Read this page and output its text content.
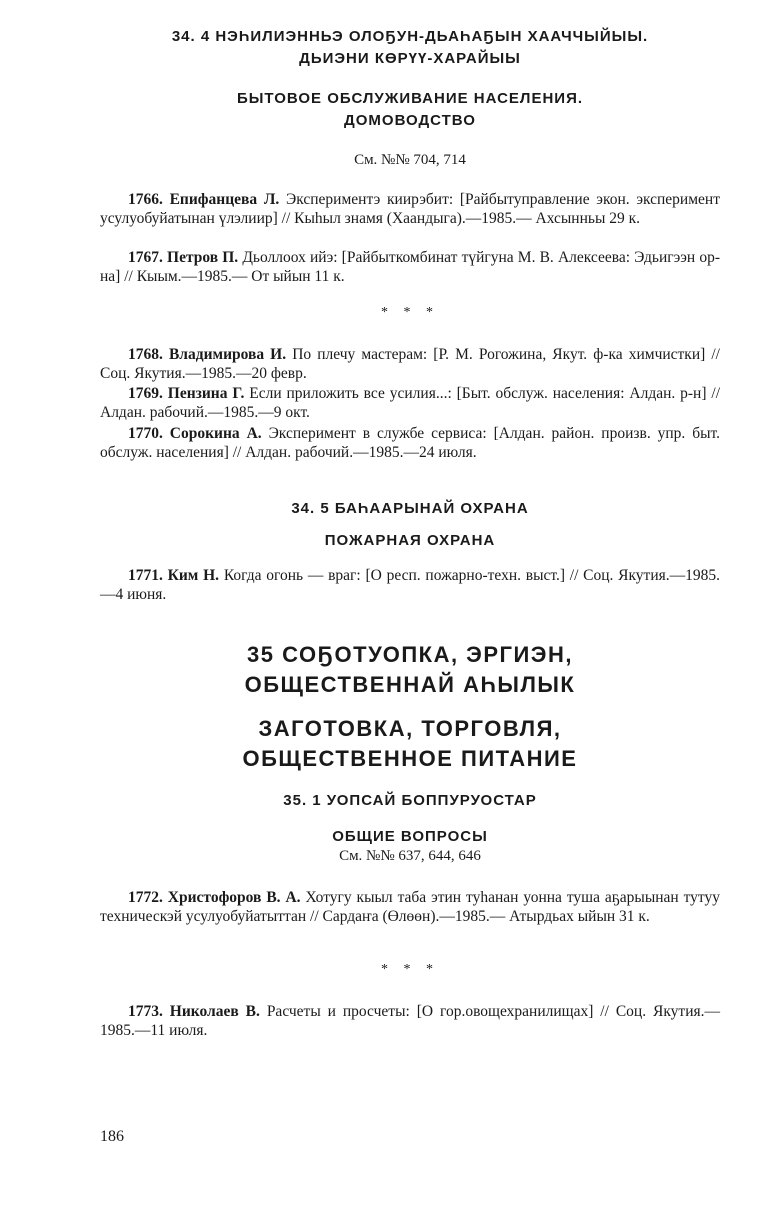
34. 4 НЭҺИЛИЭННЬЭ ОЛОҔУН-ДЬАҺАҔЫН ХААЧЧЫЙЫЫ.
ДЬИЭНИ КӨРҮҮ-ХАРАЙЫЫ
БЫТОВОЕ ОБСЛУЖИВАНИЕ НАСЕЛЕНИЯ.
ДОМОВОДСТВО
См. №№ 704, 714

1766. Епифанцева Л. Экспериментэ киирэбит: [Райбытуправление экон. эксперимент усулуобуйатынан үлэлиир] // Кыһыл знамя (Хаандыга).—1985.— Ахсынньы 29 к.

1767. Петров П. Дьоллоох ийэ: [Райбыткомбинат түйгуна М. В. Алексеева: Эдьигээн ор-на] // Кыым.—1985.— От ыйын 11 к.

* * *

1768. Владимирова И. По плечу мастерам: [Р. М. Рогожина, Якут. ф-ка химчистки] // Соц. Якутия.—1985.—20 февр.

1769. Пензина Г. Если приложить все усилия...: [Быт. обслуж. населения: Алдан. р-н] // Алдан. рабочий.—1985.—9 окт.

1770. Сорокина А. Эксперимент в службе сервиса: [Алдан. район. произв. упр. быт. обслуж. населения] // Алдан. рабочий.—1985.—24 июля.

34. 5 БАҺААРЫНАЙ ОХРАНА
ПОЖАРНАЯ ОХРАНА

1771. Ким Н. Когда огонь — враг: [О респ. пожарно-техн. выст.] // Соц. Якутия.—1985.—4 июня.

35 СОҔОТУОПКА, ЭРГИЭН,
ОБЩЕСТВЕННАЙ АҺЫЛЫК
ЗАГОТОВКА, ТОРГОВЛЯ,
ОБЩЕСТВЕННОЕ ПИТАНИЕ
35. 1 УОПСАЙ БОППУРУОСТАР
ОБЩИЕ ВОПРОСЫ
См. №№ 637, 644, 646

1772. Христофоров В. А. Хотугу кыыл таба этин туһанан уонна туша аҕарыынан тутуу техническэй усулуобуйатыттан // Сардаҥа (Өлөөн).—1985.— Атырдьах ыйын 31 к.

* * *

1773. Николаев В. Расчеты и просчеты: [О гор.овощехранилищах] // Соц. Якутия.—1985.—11 июля.

186
